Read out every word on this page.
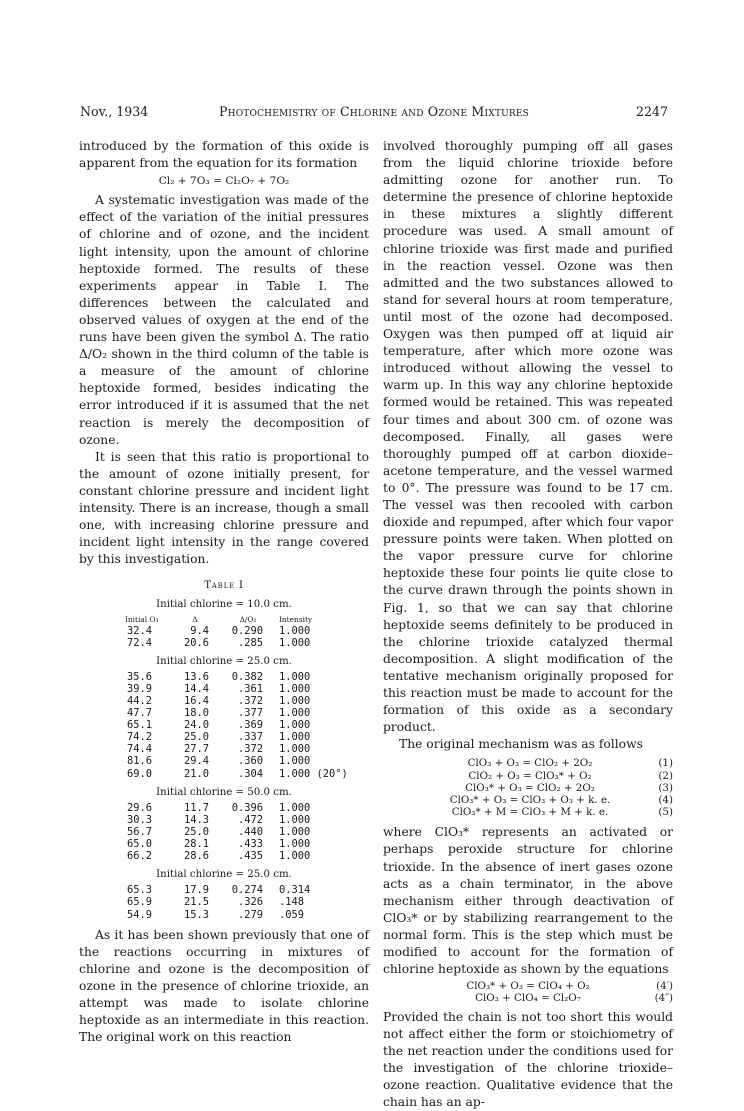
Nov., 1934	Photochemistry of Chlorine and Ozone Mixtures	2247

introduced by the formation of this oxide is apparent from the equation for its formation

Cl₂ + 7O₃ = Cl₂O₇ + 7O₂

A systematic investigation was made of the effect of the variation of the initial pressures of chlorine and of ozone, and the incident light intensity, upon the amount of chlorine heptoxide formed. The results of these experiments appear in Table I. The differences between the calculated and observed values of oxygen at the end of the runs have been given the symbol Δ. The ratio Δ/O₂ shown in the third column of the table is a measure of the amount of chlorine heptoxide formed, besides indicating the error introduced if it is assumed that the net reaction is merely the decomposition of ozone.

It is seen that this ratio is proportional to the amount of ozone initially present, for constant chlorine pressure and incident light intensity. There is an increase, though a small one, with increasing chlorine pressure and incident light intensity in the range covered by this investigation.

Table I
Initial chlorine = 10.0 cm.
Initial O₃	Δ	Δ/O₂	Intensity
32.4	9.4	0.290	1.000
72.4	20.6	.285	1.000
Initial chlorine = 25.0 cm.
35.6	13.6	0.382	1.000
39.9	14.4	.361	1.000
44.2	16.4	.372	1.000
47.7	18.0	.377	1.000
65.1	24.0	.369	1.000
74.2	25.0	.337	1.000
74.4	27.7	.372	1.000
81.6	29.4	.360	1.000
69.0	21.0	.304	1.000 (20°)
Initial chlorine = 50.0 cm.
29.6	11.7	0.396	1.000
30.3	14.3	.472	1.000
56.7	25.0	.440	1.000
65.0	28.1	.433	1.000
66.2	28.6	.435	1.000
Initial chlorine = 25.0 cm.
65.3	17.9	0.274	0.314
65.9	21.5	.326	.148
54.9	15.3	.279	.059

As it has been shown previously that one of the reactions occurring in mixtures of chlorine and ozone is the decomposition of ozone in the presence of chlorine trioxide, an attempt was made to isolate chlorine heptoxide as an intermediate in this reaction. The original work on this reaction

involved thoroughly pumping off all gases from the liquid chlorine trioxide before admitting ozone for another run. To determine the presence of chlorine heptoxide in these mixtures a slightly different procedure was used. A small amount of chlorine trioxide was first made and purified in the reaction vessel. Ozone was then admitted and the two substances allowed to stand for several hours at room temperature, until most of the ozone had decomposed. Oxygen was then pumped off at liquid air temperature, after which more ozone was introduced without allowing the vessel to warm up. In this way any chlorine heptoxide formed would be retained. This was repeated four times and about 300 cm. of ozone was decomposed. Finally, all gases were thoroughly pumped off at carbon dioxide–acetone temperature, and the vessel warmed to 0°. The pressure was found to be 17 cm. The vessel was then recooled with carbon dioxide and repumped, after which four vapor pressure points were taken. When plotted on the vapor pressure curve for chlorine heptoxide these four points lie quite close to the curve drawn through the points shown in Fig. 1, so that we can say that chlorine heptoxide seems definitely to be produced in the chlorine trioxide catalyzed thermal decomposition. A slight modification of the tentative mechanism originally proposed for this reaction must be made to account for the formation of this oxide as a secondary product.

The original mechanism was as follows

ClO₃ + O₃ = ClO₂ + 2O₂	(1)
ClO₂ + O₃ = ClO₃* + O₂	(2)
ClO₃* + O₃ = ClO₂ + 2O₂	(3)
ClO₃* + O₃ = ClO₃ + O₃ + k. e.	(4)
ClO₃* + M = ClO₃ + M + k. e.	(5)

where ClO₃* represents an activated or perhaps peroxide structure for chlorine trioxide. In the absence of inert gases ozone acts as a chain terminator, in the above mechanism either through deactivation of ClO₃* or by stabilizing rearrangement to the normal form. This is the step which must be modified to account for the formation of chlorine heptoxide as shown by the equations

ClO₃* + O₃ = ClO₄ + O₂	(4′)
ClO₃ + ClO₄ = Cl₂O₇	(4″)

Provided the chain is not too short this would not affect either the form or stoichiometry of the net reaction under the conditions used for the investigation of the chlorine trioxide–ozone reaction. Qualitative evidence that the chain has an ap-
